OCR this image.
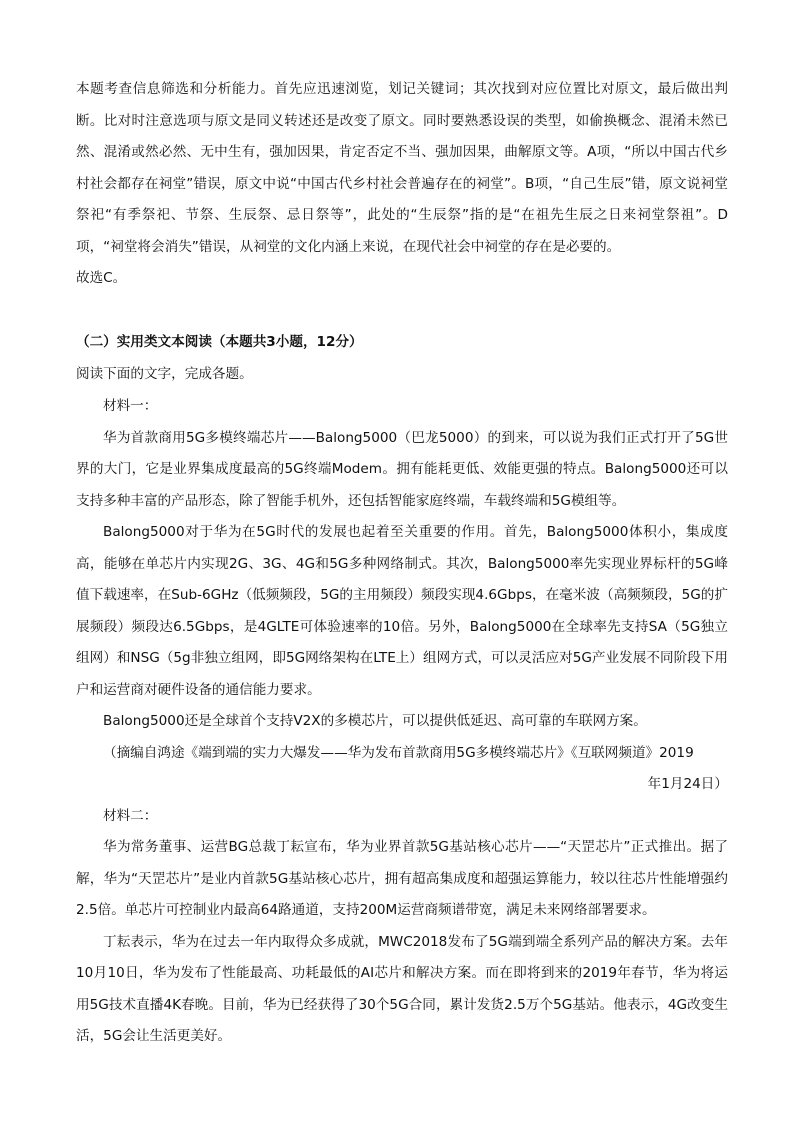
本题考查信息筛选和分析能力。首先应迅速浏览，划记关键词；其次找到对应位置比对原文，最后做出判断。比对时注意选项与原文是同义转述还是改变了原文。同时要熟悉设误的类型，如偷换概念、混淆未然已然、混淆或然必然、无中生有，强加因果，肯定否定不当、强加因果，曲解原文等。A项，“所以中国古代乡村社会都存在祠堂”错误，原文中说“中国古代乡村社会普遍存在的祠堂”。B项，“自己生辰”错，原文说祠堂祭祀“有季祭祀、节祭、生辰祭、忌日祭等”，此处的“生辰祭”指的是“在祖先生辰之日来祠堂祭祖”。D项，“祠堂将会消失”错误，从祠堂的文化内涵上来说，在现代社会中祠堂的存在是必要的。

故选C。

（二）实用类文本阅读（本题共3小题，12分）
阅读下面的文字，完成各题。

材料一：

华为首款商用5G多模终端芯片——Balong5000（巴龙5000）的到来，可以说为我们正式打开了5G世界的大门，它是业界集成度最高的5G终端Modem。拥有能耗更低、效能更强的特点。Balong5000还可以支持多种丰富的产品形态，除了智能手机外，还包括智能家庭终端，车载终端和5G模组等。

Balong5000对于华为在5G时代的发展也起着至关重要的作用。首先，Balong5000体积小，集成度高，能够在单芯片内实现2G、3G、4G和5G多种网络制式。其次，Balong5000率先实现业界标杆的5G峰值下载速率，在Sub-6GHz（低频频段，5G的主用频段）频段实现4.6Gbps，在毫米波（高频频段，5G的扩展频段）频段达6.5Gbps，是4GLTE可体验速率的10倍。另外，Balong5000在全球率先支持SA（5G独立组网）和NSG（5g非独立组网，即5G网络架构在LTE上）组网方式，可以灵活应对5G产业发展不同阶段下用户和运营商对硬件设备的通信能力要求。

Balong5000还是全球首个支持V2X的多模芯片，可以提供低延迟、高可靠的车联网方案。

（摘编自鸿途《端到端的实力大爆发——华为发布首款商用5G多模终端芯片》《互联网频道》2019

年1月24日）

材料二：

华为常务董事、运营BG总裁丁耘宣布，华为业界首款5G基站核心芯片——“天罡芯片”正式推出。据了解，华为“天罡芯片”是业内首款5G基站核心芯片，拥有超高集成度和超强运算能力，较以往芯片性能增强约2.5倍。单芯片可控制业内最高64路通道，支持200M运营商频谱带宽，满足未来网络部署要求。

丁耘表示，华为在过去一年内取得众多成就，MWC2018发布了5G端到端全系列产品的解决方案。去年10月10日，华为发布了性能最高、功耗最低的AI芯片和解决方案。而在即将到来的2019年春节，华为将运用5G技术直播4K春晚。目前，华为已经获得了30个5G合同，累计发货2.5万个5G基站。他表示，4G改变生活，5G会让生活更美好。
